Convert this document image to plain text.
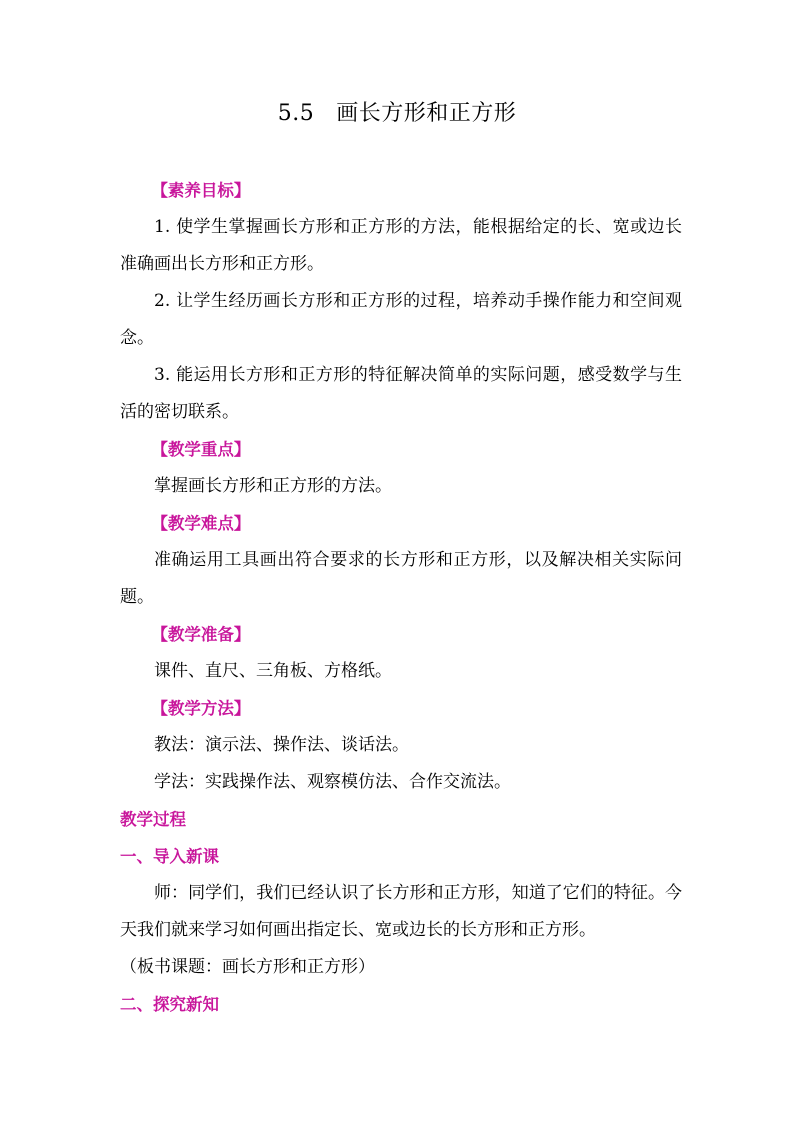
5.5 画长方形和正方形

【素养目标】

1. 使学生掌握画长方形和正方形的方法，能根据给定的长、宽或边长准确画出长方形和正方形。

2. 让学生经历画长方形和正方形的过程，培养动手操作能力和空间观念。

3. 能运用长方形和正方形的特征解决简单的实际问题，感受数学与生活的密切联系。

【教学重点】

掌握画长方形和正方形的方法。

【教学难点】

准确运用工具画出符合要求的长方形和正方形，以及解决相关实际问题。

【教学准备】

课件、直尺、三角板、方格纸。

【教学方法】

教法：演示法、操作法、谈话法。

学法：实践操作法、观察模仿法、合作交流法。

教学过程

一、导入新课

师：同学们，我们已经认识了长方形和正方形，知道了它们的特征。今天我们就来学习如何画出指定长、宽或边长的长方形和正方形。

（板书课题：画长方形和正方形）

二、探究新知
